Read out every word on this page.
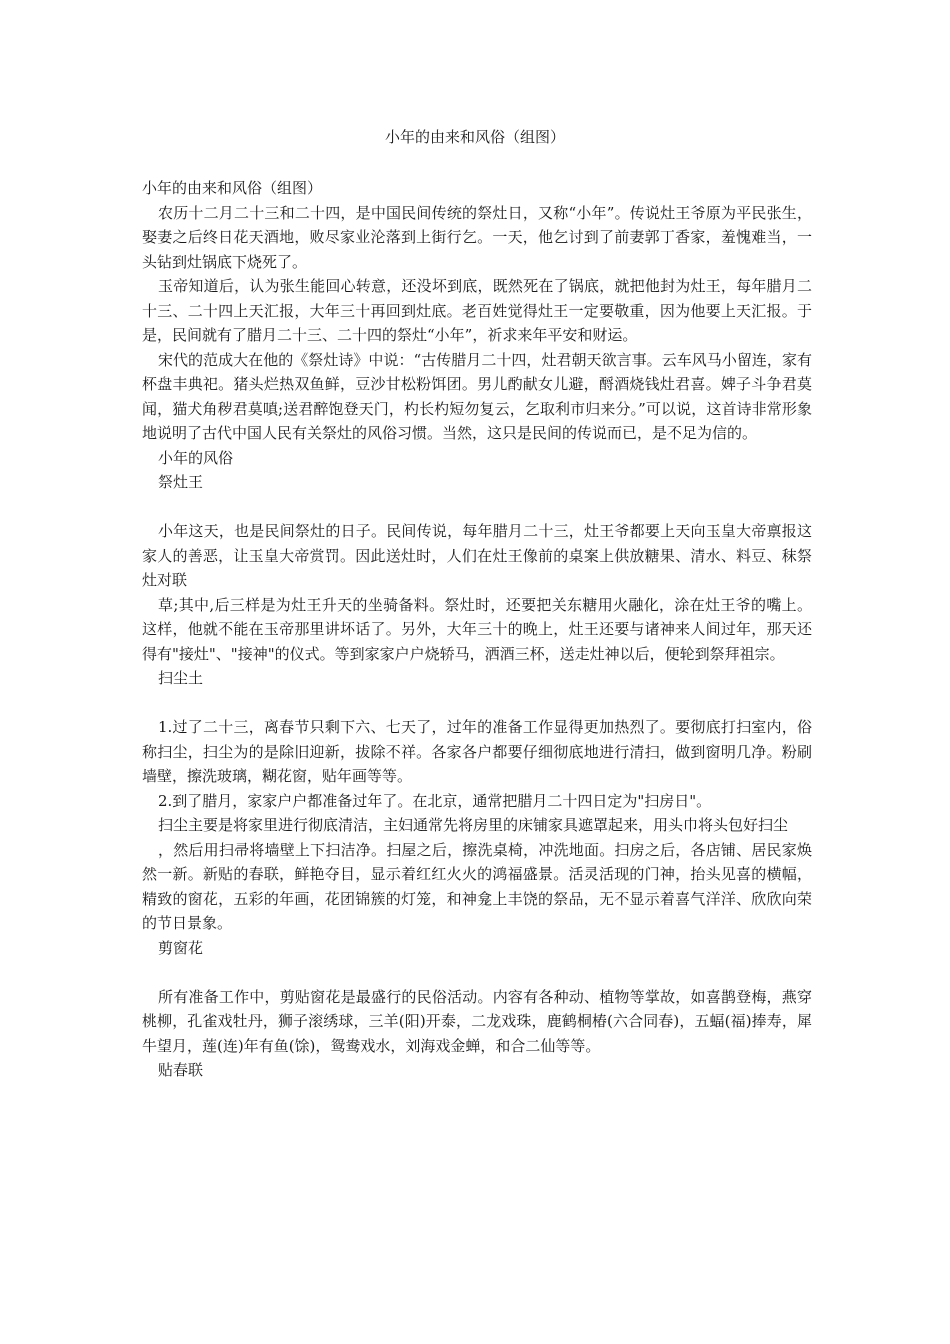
小年的由来和风俗（组图）

小年的由来和风俗（组图）

农历十二月二十三和二十四，是中国民间传统的祭灶日，又称“小年”。传说灶王爷原为平民张生，娶妻之后终日花天酒地，败尽家业沦落到上街行乞。一天，他乞讨到了前妻郭丁香家，羞愧难当，一头钻到灶锅底下烧死了。

玉帝知道后，认为张生能回心转意，还没坏到底，既然死在了锅底，就把他封为灶王，每年腊月二十三、二十四上天汇报，大年三十再回到灶底。老百姓觉得灶王一定要敬重，因为他要上天汇报。于是，民间就有了腊月二十三、二十四的祭灶“小年”，祈求来年平安和财运。

宋代的范成大在他的《祭灶诗》中说：“古传腊月二十四，灶君朝天欲言事。云车风马小留连，家有杯盘丰典祀。猪头烂热双鱼鲜，豆沙甘松粉饵团。男儿酌献女儿避，酹酒烧钱灶君喜。婢子斗争君莫闻，猫犬角秽君莫嗔;送君醉饱登天门，杓长杓短勿复云，乞取利市归来分。”可以说，这首诗非常形象地说明了古代中国人民有关祭灶的风俗习惯。当然，这只是民间的传说而已，是不足为信的。

小年的风俗

祭灶王

小年这天，也是民间祭灶的日子。民间传说，每年腊月二十三，灶王爷都要上天向玉皇大帝禀报这家人的善恶，让玉皇大帝赏罚。因此送灶时，人们在灶王像前的桌案上供放糖果、清水、料豆、秣祭灶对联

草;其中,后三样是为灶王升天的坐骑备料。祭灶时，还要把关东糖用火融化，涂在灶王爷的嘴上。这样，他就不能在玉帝那里讲坏话了。另外，大年三十的晚上，灶王还要与诸神来人间过年，那天还得有"接灶"、"接神"的仪式。等到家家户户烧轿马，洒酒三杯，送走灶神以后，便轮到祭拜祖宗。

扫尘土

1.过了二十三，离春节只剩下六、七天了，过年的准备工作显得更加热烈了。要彻底打扫室内，俗称扫尘，扫尘为的是除旧迎新，拔除不祥。各家各户都要仔细彻底地进行清扫，做到窗明几净。粉刷墙壁，擦洗玻璃，糊花窗，贴年画等等。

2.到了腊月，家家户户都准备过年了。在北京，通常把腊月二十四日定为"扫房日"。

扫尘主要是将家里进行彻底清洁，主妇通常先将房里的床铺家具遮罩起来，用头巾将头包好扫尘

，然后用扫帚将墙壁上下扫洁净。扫屋之后，擦洗桌椅，冲洗地面。扫房之后，各店铺、居民家焕然一新。新贴的春联，鲜艳夺目，显示着红红火火的鸿福盛景。活灵活现的门神，抬头见喜的横幅，精致的窗花，五彩的年画，花团锦簇的灯笼，和神龛上丰饶的祭品，无不显示着喜气洋洋、欣欣向荣的节日景象。

剪窗花

所有准备工作中，剪贴窗花是最盛行的民俗活动。内容有各种动、植物等掌故，如喜鹊登梅，燕穿桃柳，孔雀戏牡丹，狮子滚绣球，三羊(阳)开泰，二龙戏珠，鹿鹤桐椿(六合同春)，五蝠(福)捧寿，犀牛望月，莲(连)年有鱼(馀)，鸳鸯戏水，刘海戏金蝉，和合二仙等等。

贴春联
